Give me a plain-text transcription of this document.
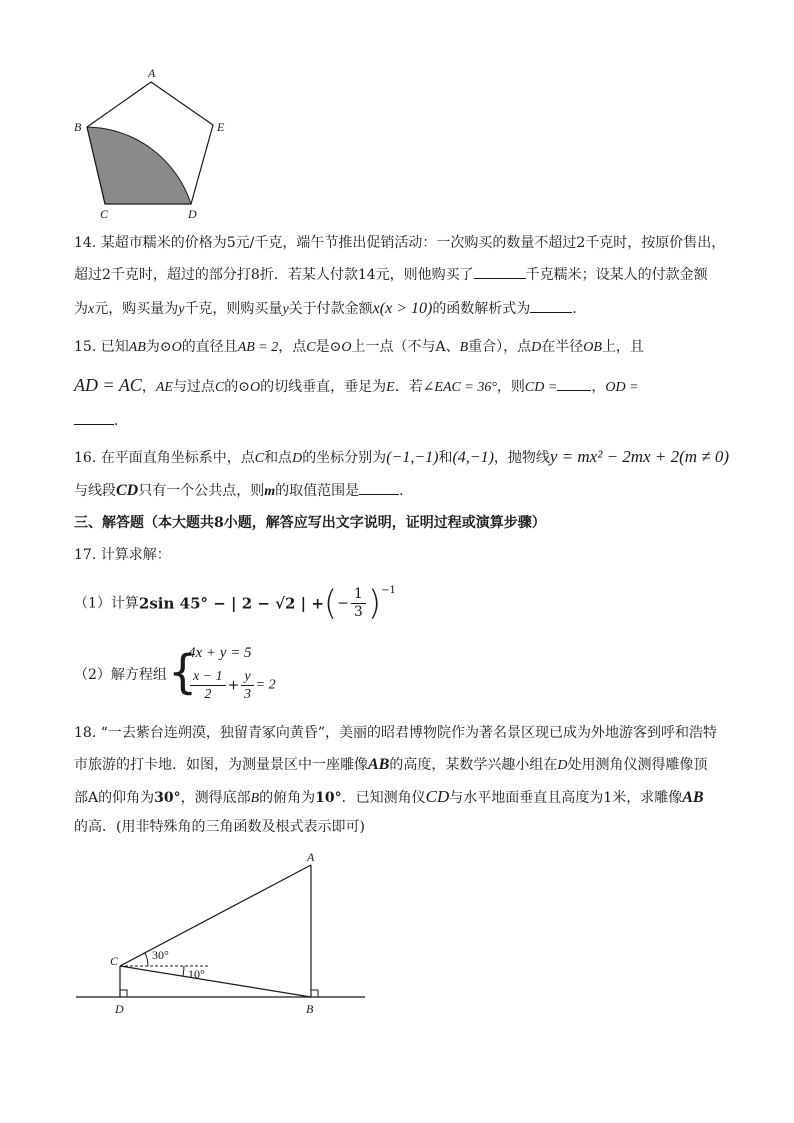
A
B
C	D
E
14. 某超市糯米的价格为5元/千克，端午节推出促销活动：一次购买的数量不超过2千克时，按原价售出，
超过2千克时，超过的部分打8折．若某人付款14元，则他购买了	千克糯米；设某人的付款金额
为x元，购买量为y千克，则购买量y关于付款金额x(x > 10)的函数解析式为	．
15. 已知AB为⊙O的直径且AB = 2，点C是⊙O上一点（不与A、B重合），点D在半径OB上，且
AD = AC，AE与过点C的⊙O的切线垂直，垂足为E．若∠EAC = 36°，则CD = ，OD =
．
16. 在平面直角坐标系中，点C和点D的坐标分别为(−1,−1)和(4,−1)，抛物线y = mx² − 2mx + 2(m ≠ 0)
与线段CD只有一个公共点，则m的取值范围是	．
三、解答题（本大题共8小题，解答应写出文字说明，证明过程或演算步骤）
17. 计算求解：
（1）计算2sin 45° − | 2 − √2 | +(− $\frac{1}{3} )^{-1}$
（2）解方程组 {
4x + y = 5
$\frac{x - 1}{2} + \frac{y}{3} = 2$
18. “一去紫台连朔漠，独留青冢向黄昏”，美丽的昭君博物院作为著名景区现已成为外地游客到呼和浩特
市旅游的打卡地．如图，为测量景区中一座雕像AB的高度，某数学兴趣小组在D处用测角仪测得雕像顶
部A的仰角为30°，测得底部B的俯角为10°．已知测角仪CD与水平地面垂直且高度为1米，求雕像AB
的高．(用非特殊角的三角函数及根式表示即可)
A
B
C
D
30°
10°
